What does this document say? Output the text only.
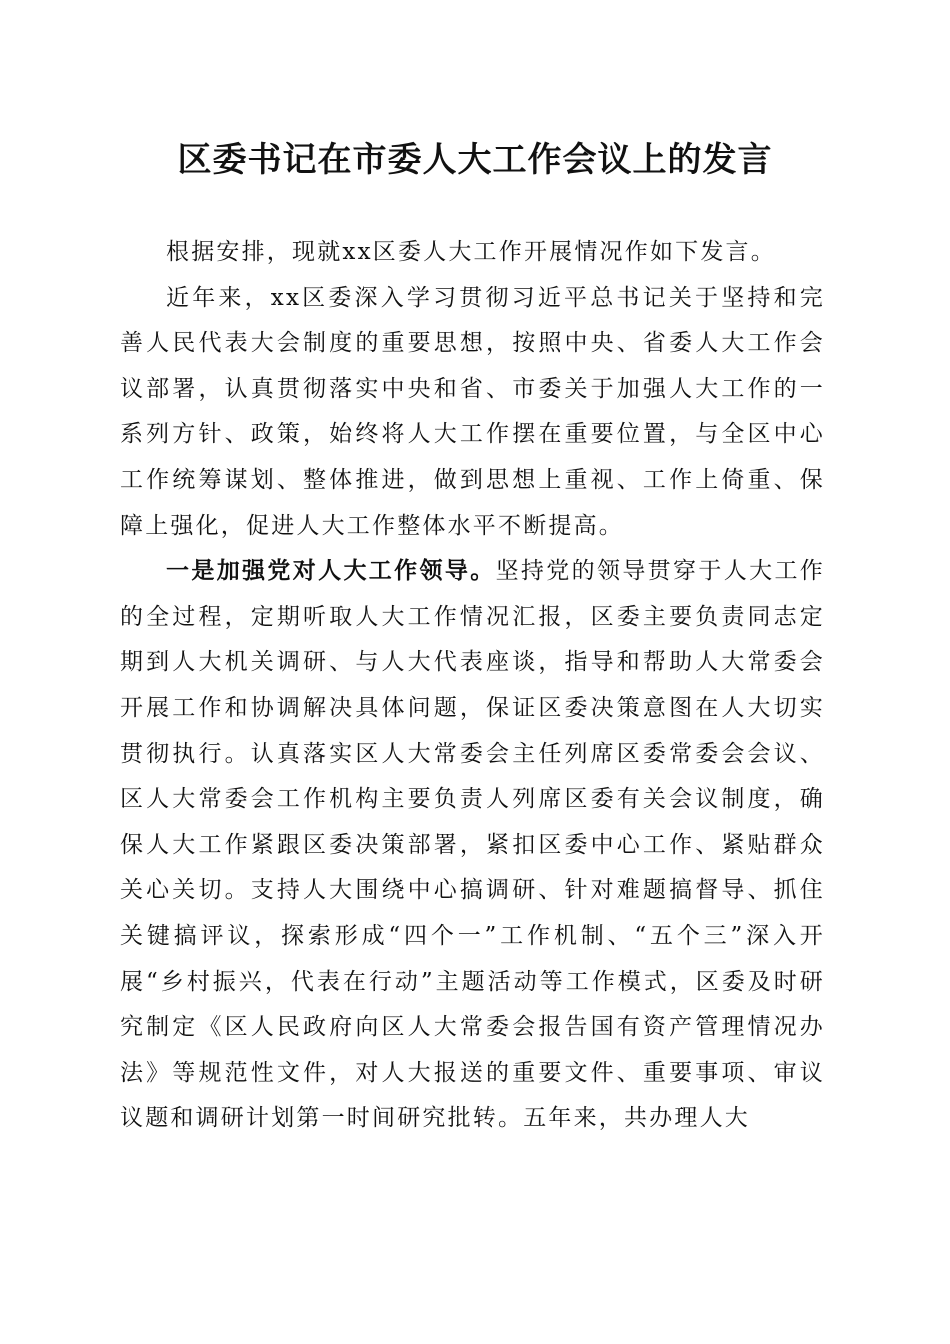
区委书记在市委人大工作会议上的发言

根据安排，现就xx区委人大工作开展情况作如下发言。

近年来，xx区委深入学习贯彻习近平总书记关于坚持和完善人民代表大会制度的重要思想，按照中央、省委人大工作会议部署，认真贯彻落实中央和省、市委关于加强人大工作的一系列方针、政策，始终将人大工作摆在重要位置，与全区中心工作统筹谋划、整体推进，做到思想上重视、工作上倚重、保障上强化，促进人大工作整体水平不断提高。

一是加强党对人大工作领导。坚持党的领导贯穿于人大工作的全过程，定期听取人大工作情况汇报，区委主要负责同志定期到人大机关调研、与人大代表座谈，指导和帮助人大常委会开展工作和协调解决具体问题，保证区委决策意图在人大切实贯彻执行。认真落实区人大常委会主任列席区委常委会会议、区人大常委会工作机构主要负责人列席区委有关会议制度，确保人大工作紧跟区委决策部署，紧扣区委中心工作、紧贴群众关心关切。支持人大围绕中心搞调研、针对难题搞督导、抓住关键搞评议，探索形成“四个一”工作机制、“五个三”深入开展“乡村振兴，代表在行动”主题活动等工作模式，区委及时研究制定《区人民政府向区人大常委会报告国有资产管理情况办法》等规范性文件，对人大报送的重要文件、重要事项、审议议题和调研计划第一时间研究批转。五年来，共办理人大
